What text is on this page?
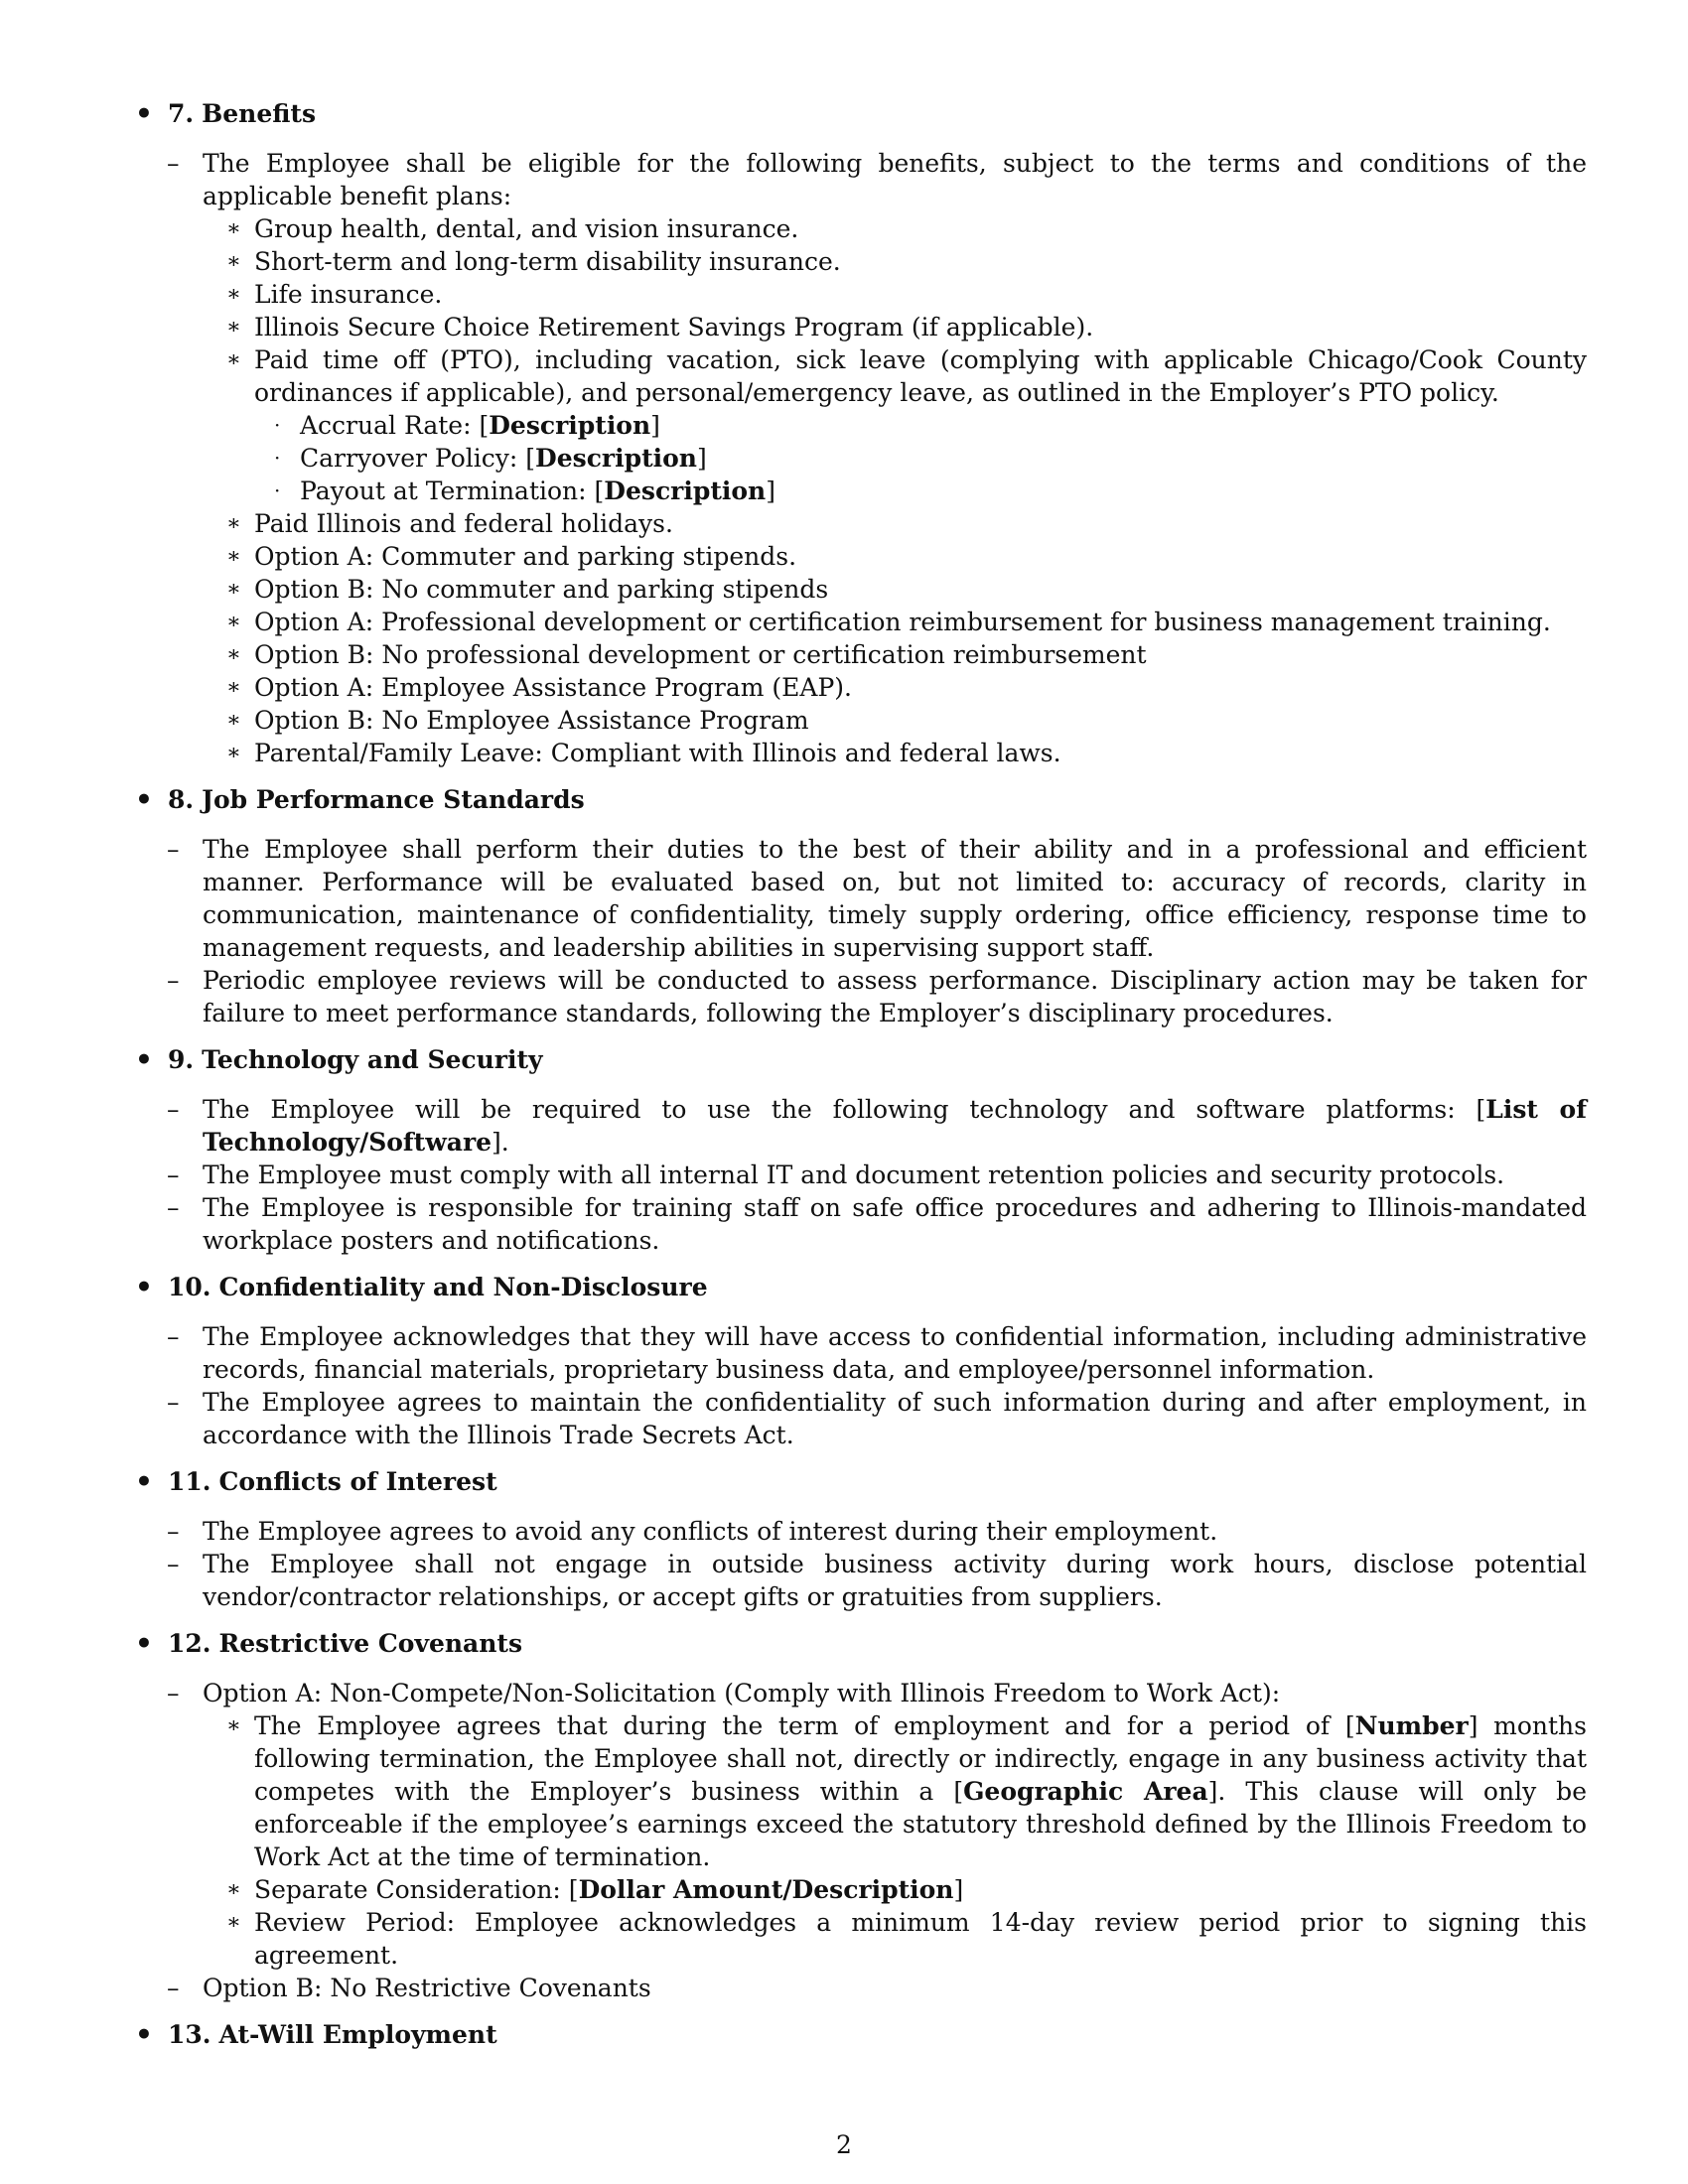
• 7. Benefits
– The Employee shall be eligible for the following benefits, subject to the terms and conditions of the applicable benefit plans:
∗ Group health, dental, and vision insurance.
∗ Short-term and long-term disability insurance.
∗ Life insurance.
∗ Illinois Secure Choice Retirement Savings Program (if applicable).
∗ Paid time off (PTO), including vacation, sick leave (complying with applicable Chicago/Cook County ordinances if applicable), and personal/emergency leave, as outlined in the Employer’s PTO policy.
· Accrual Rate: [Description]
· Carryover Policy: [Description]
· Payout at Termination: [Description]
∗ Paid Illinois and federal holidays.
∗ Option A: Commuter and parking stipends.
∗ Option B: No commuter and parking stipends
∗ Option A: Professional development or certification reimbursement for business management training.
∗ Option B: No professional development or certification reimbursement
∗ Option A: Employee Assistance Program (EAP).
∗ Option B: No Employee Assistance Program
∗ Parental/Family Leave: Compliant with Illinois and federal laws.
• 8. Job Performance Standards
– The Employee shall perform their duties to the best of their ability and in a professional and efficient manner. Performance will be evaluated based on, but not limited to: accuracy of records, clarity in communication, maintenance of confidentiality, timely supply ordering, office efficiency, response time to management requests, and leadership abilities in supervising support staff.
– Periodic employee reviews will be conducted to assess performance. Disciplinary action may be taken for failure to meet performance standards, following the Employer’s disciplinary procedures.
• 9. Technology and Security
– The Employee will be required to use the following technology and software platforms: [List of Technology/Software].
– The Employee must comply with all internal IT and document retention policies and security protocols.
– The Employee is responsible for training staff on safe office procedures and adhering to Illinois-mandated workplace posters and notifications.
• 10. Confidentiality and Non-Disclosure
– The Employee acknowledges that they will have access to confidential information, including administrative records, financial materials, proprietary business data, and employee/personnel information.
– The Employee agrees to maintain the confidentiality of such information during and after employment, in accordance with the Illinois Trade Secrets Act.
• 11. Conflicts of Interest
– The Employee agrees to avoid any conflicts of interest during their employment.
– The Employee shall not engage in outside business activity during work hours, disclose potential vendor/contractor relationships, or accept gifts or gratuities from suppliers.
• 12. Restrictive Covenants
– Option A: Non-Compete/Non-Solicitation (Comply with Illinois Freedom to Work Act):
∗ The Employee agrees that during the term of employment and for a period of [Number] months following termination, the Employee shall not, directly or indirectly, engage in any business activity that competes with the Employer’s business within a [Geographic Area]. This clause will only be enforceable if the employee’s earnings exceed the statutory threshold defined by the Illinois Freedom to Work Act at the time of termination.
∗ Separate Consideration: [Dollar Amount/Description]
∗ Review Period: Employee acknowledges a minimum 14-day review period prior to signing this agreement.
– Option B: No Restrictive Covenants
• 13. At-Will Employment
2
